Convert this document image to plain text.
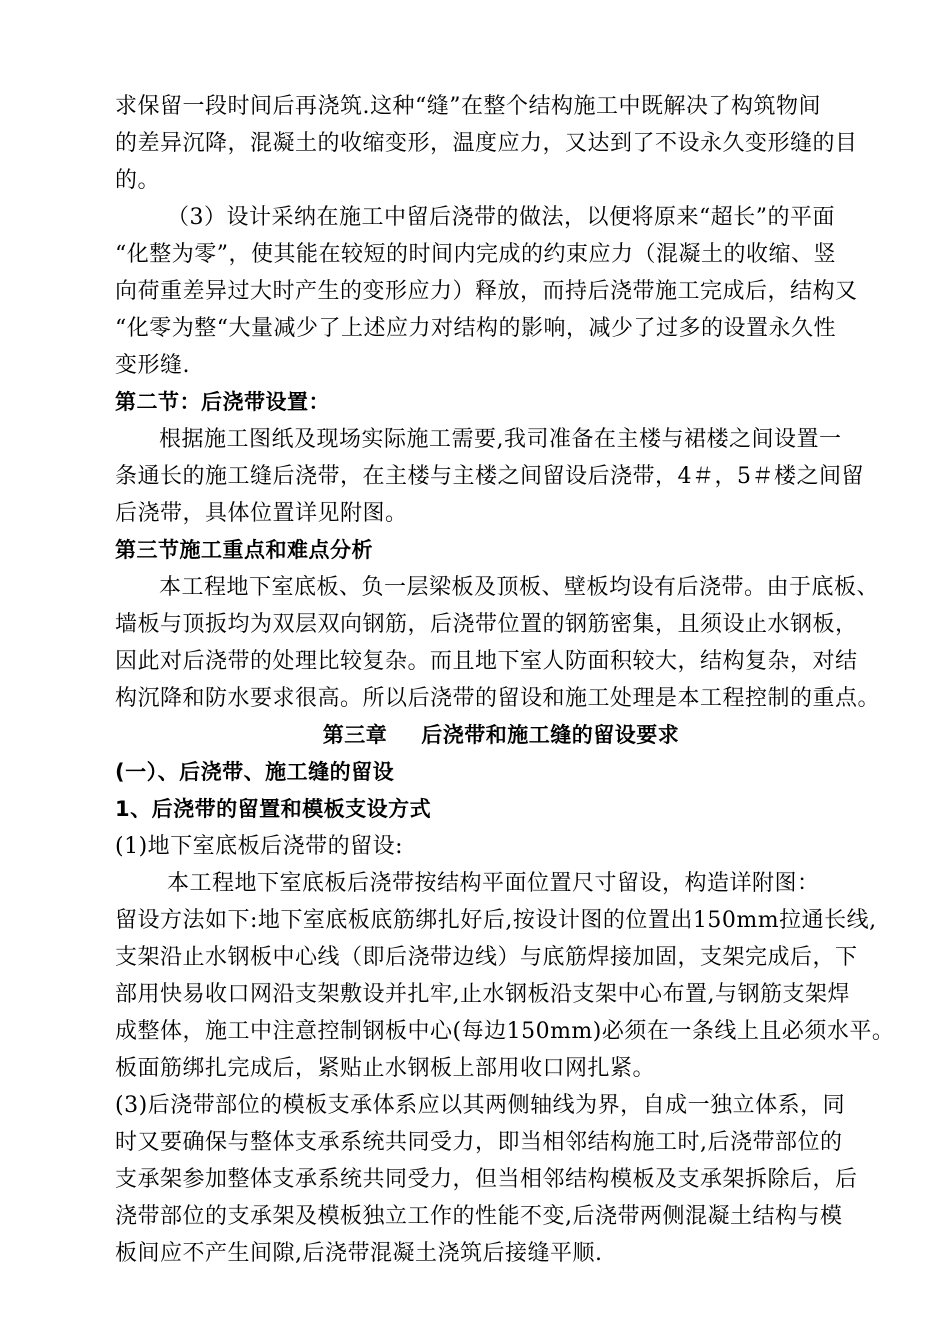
求保留一段时间后再浇筑.这种“缝”在整个结构施工中既解决了构筑物间
的差异沉降，混凝土的收缩变形，温度应力，又达到了不设永久变形缝的目
的。
（3）设计采纳在施工中留后浇带的做法，以便将原来“超长”的平面
“化整为零”，使其能在较短的时间内完成的约束应力（混凝土的收缩、竖
向荷重差异过大时产生的变形应力）释放，而持后浇带施工完成后，结构又
“化零为整“大量减少了上述应力对结构的影响，减少了过多的设置永久性
变形缝.
第二节：后浇带设置：
根据施工图纸及现场实际施工需要,我司准备在主楼与裙楼之间设置一
条通长的施工缝后浇带，在主楼与主楼之间留设后浇带，4＃，5＃楼之间留
后浇带，具体位置详见附图。
第三节施工重点和难点分析
本工程地下室底板、负一层梁板及顶板、壁板均设有后浇带。由于底板、
墙板与顶扳均为双层双向钢筋，后浇带位置的钢筋密集，且须设止水钢板，
因此对后浇带的处理比较复杂。而且地下室人防面积较大，结构复杂，对结
构沉降和防水要求很高。所以后浇带的留设和施工处理是本工程控制的重点。
第三章 后浇带和施工缝的留设要求
(一）、后浇带、施工缝的留设
1、后浇带的留置和模板支设方式
(1)地下室底板后浇带的留设:
本工程地下室底板后浇带按结构平面位置尺寸留设，构造详附图：
留设方法如下:地下室底板底筋绑扎好后,按设计图的位置出150mm拉通长线,
支架沿止水钢板中心线（即后浇带边线）与底筋焊接加固，支架完成后，下
部用快易收口网沿支架敷设并扎牢,止水钢板沿支架中心布置,与钢筋支架焊
成整体，施工中注意控制钢板中心(每边150mm)必须在一条线上且必须水平。
板面筋绑扎完成后，紧贴止水钢板上部用收口网扎紧。
(3)后浇带部位的模板支承体系应以其两侧轴线为界，自成一独立体系，同
时又要确保与整体支承系统共同受力，即当相邻结构施工时,后浇带部位的
支承架参加整体支承系统共同受力，但当相邻结构模板及支承架拆除后，后
浇带部位的支承架及模板独立工作的性能不变,后浇带两侧混凝土结构与模
板间应不产生间隙,后浇带混凝土浇筑后接缝平顺.
